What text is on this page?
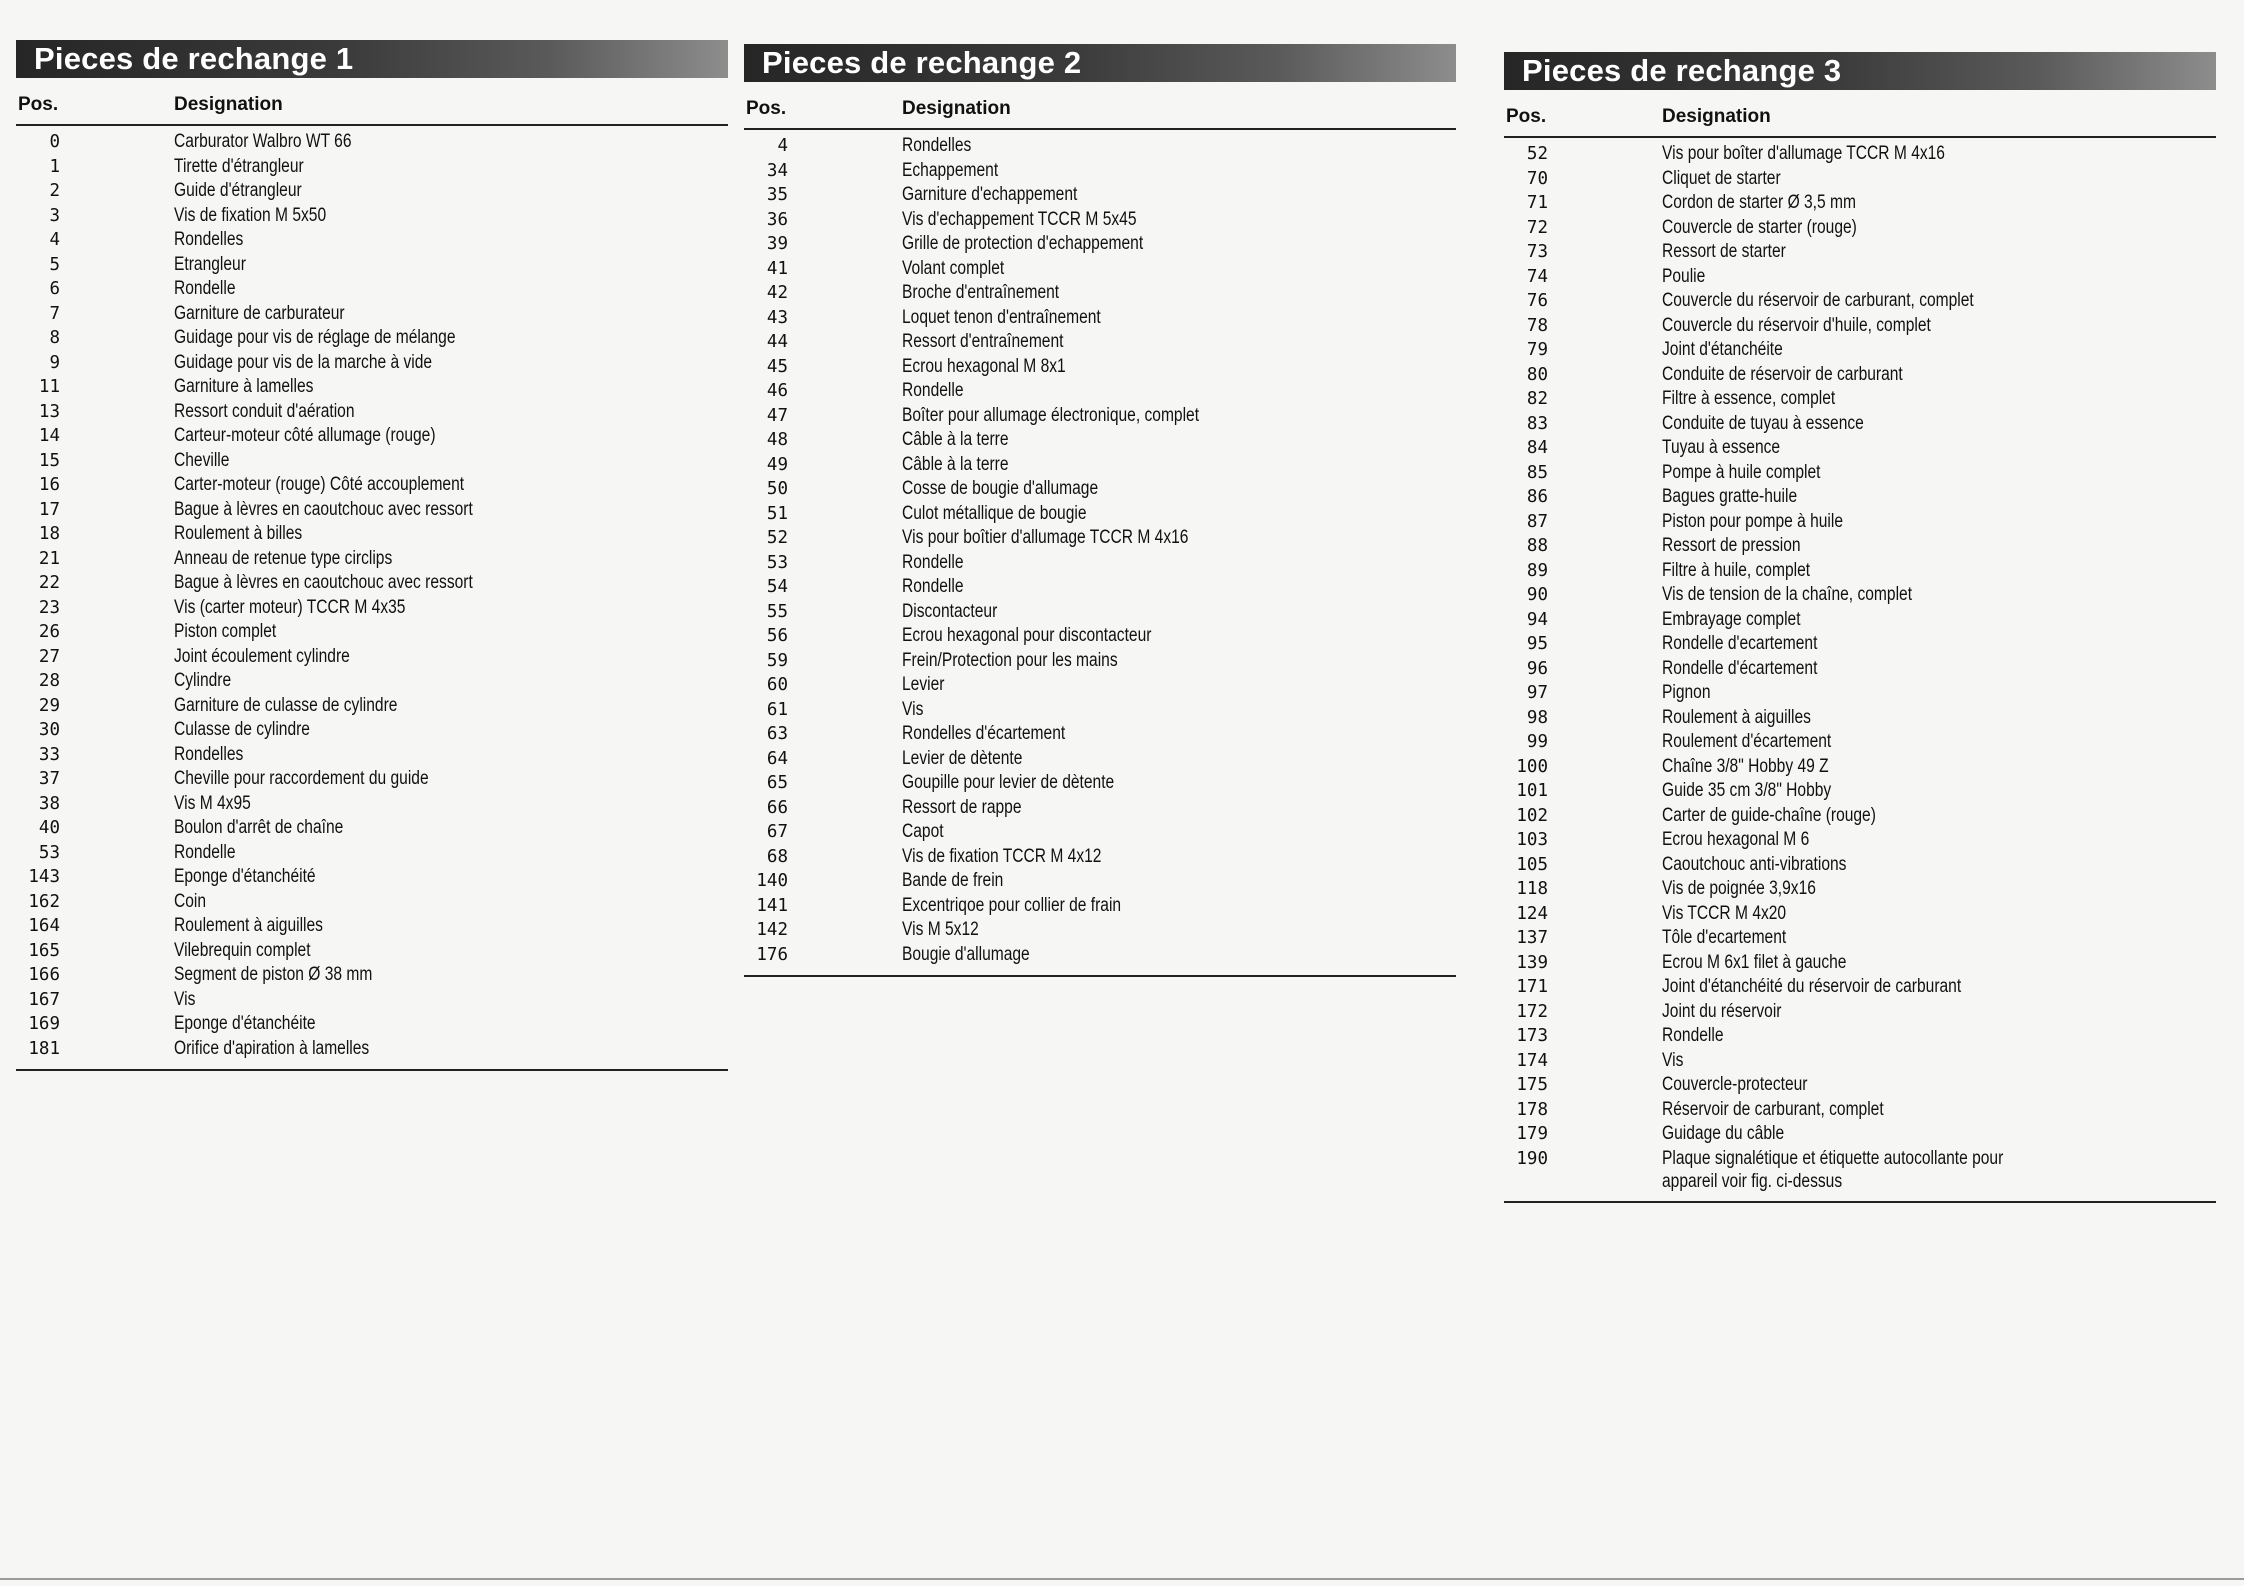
Pieces de rechange 1
Pos.	Designation
0	Carburator Walbro WT 66
1	Tirette d'étrangleur
2	Guide d'étrangleur
3	Vis de fixation M 5x50
4	Rondelles
5	Etrangleur
6	Rondelle
7	Garniture de carburateur
8	Guidage pour vis de réglage de mélange
9	Guidage pour vis de la marche à vide
11	Garniture à lamelles
13	Ressort conduit d'aération
14	Carteur-moteur côté allumage (rouge)
15	Cheville
16	Carter-moteur (rouge) Côté accouplement
17	Bague à lèvres en caoutchouc avec ressort
18	Roulement à billes
21	Anneau de retenue type circlips
22	Bague à lèvres en caoutchouc avec ressort
23	Vis (carter moteur) TCCR M 4x35
26	Piston complet
27	Joint écoulement cylindre
28	Cylindre
29	Garniture de culasse de cylindre
30	Culasse de cylindre
33	Rondelles
37	Cheville pour raccordement du guide
38	Vis M 4x95
40	Boulon d'arrêt de chaîne
53	Rondelle
143	Eponge d'étanchéité
162	Coin
164	Roulement à aiguilles
165	Vilebrequin complet
166	Segment de piston Ø 38 mm
167	Vis
169	Eponge d'étanchéite
181	Orifice d'apiration à lamelles
Pieces de rechange 2
Pos.	Designation
4	Rondelles
34	Echappement
35	Garniture d'echappement
36	Vis d'echappement TCCR M 5x45
39	Grille de protection d'echappement
41	Volant complet
42	Broche d'entraînement
43	Loquet tenon d'entraînement
44	Ressort d'entraînement
45	Ecrou hexagonal M 8x1
46	Rondelle
47	Boîter pour allumage électronique, complet
48	Câble à la terre
49	Câble à la terre
50	Cosse de bougie d'allumage
51	Culot métallique de bougie
52	Vis pour boîtier d'allumage TCCR M 4x16
53	Rondelle
54	Rondelle
55	Discontacteur
56	Ecrou hexagonal pour discontacteur
59	Frein/Protection pour les mains
60	Levier
61	Vis
63	Rondelles d'écartement
64	Levier de dètente
65	Goupille pour levier de dètente
66	Ressort de rappe
67	Capot
68	Vis de fixation TCCR M 4x12
140	Bande de frein
141	Excentriqoe pour collier de frain
142	Vis M 5x12
176	Bougie d'allumage
Pieces de rechange 3
Pos.	Designation
52	Vis pour boîter d'allumage TCCR M 4x16
70	Cliquet de starter
71	Cordon de starter Ø 3,5 mm
72	Couvercle de starter (rouge)
73	Ressort de starter
74	Poulie
76	Couvercle du réservoir de carburant, complet
78	Couvercle du réservoir d'huile, complet
79	Joint d'étanchéite
80	Conduite de réservoir de carburant
82	Filtre à essence, complet
83	Conduite de tuyau à essence
84	Tuyau à essence
85	Pompe à huile complet
86	Bagues gratte-huile
87	Piston pour pompe à huile
88	Ressort de pression
89	Filtre à huile, complet
90	Vis de tension de la chaîne, complet
94	Embrayage complet
95	Rondelle d'ecartement
96	Rondelle d'écartement
97	Pignon
98	Roulement à aiguilles
99	Roulement d'écartement
100	Chaîne 3/8" Hobby 49 Z
101	Guide 35 cm 3/8" Hobby
102	Carter de guide-chaîne (rouge)
103	Ecrou hexagonal M 6
105	Caoutchouc anti-vibrations
118	Vis de poignée 3,9x16
124	Vis TCCR M 4x20
137	Tôle d'ecartement
139	Ecrou M 6x1 filet à gauche
171	Joint d'étanchéité du réservoir de carburant
172	Joint du réservoir
173	Rondelle
174	Vis
175	Couvercle-protecteur
178	Réservoir de carburant, complet
179	Guidage du câble
190	Plaque signalétique et étiquette autocollante pour appareil voir fig. ci-dessus
